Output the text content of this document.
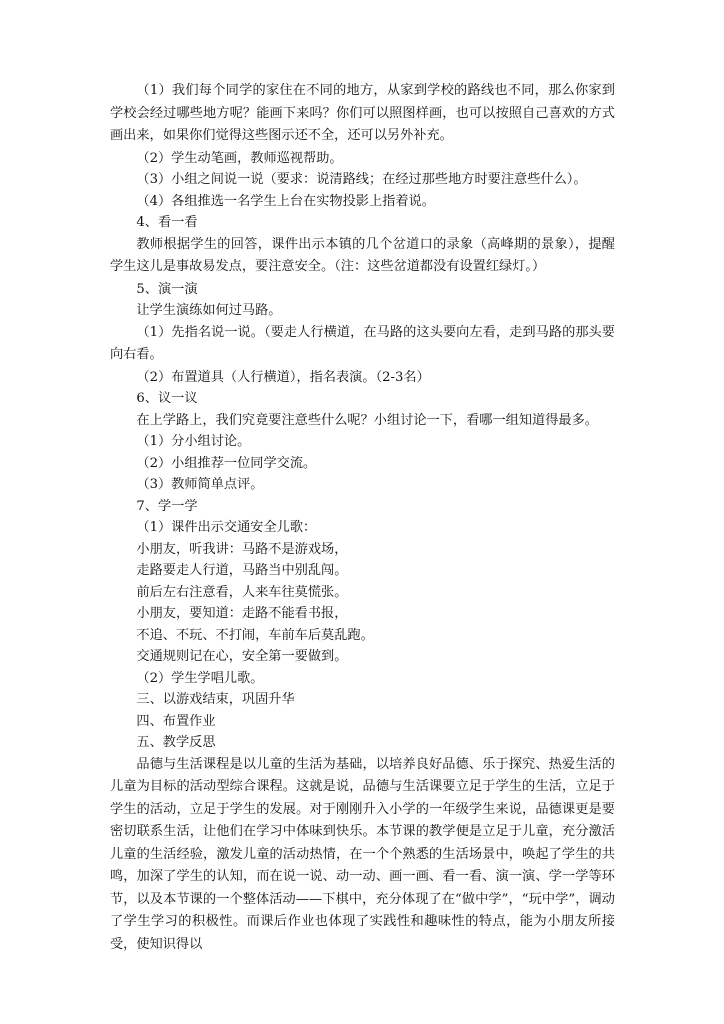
（1）我们每个同学的家住在不同的地方，从家到学校的路线也不同，那么你家到学校会经过哪些地方呢？能画下来吗？你们可以照图样画，也可以按照自己喜欢的方式画出来，如果你们觉得这些图示还不全，还可以另外补充。

（2）学生动笔画，教师巡视帮助。

（3）小组之间说一说（要求：说清路线；在经过那些地方时要注意些什么）。

（4）各组推选一名学生上台在实物投影上指着说。

4、看一看

教师根据学生的回答，课件出示本镇的几个岔道口的录象（高峰期的景象），提醒学生这儿是事故易发点，要注意安全。（注：这些岔道都没有设置红绿灯。）

5、演一演

让学生演练如何过马路。

（1）先指名说一说。（要走人行横道，在马路的这头要向左看，走到马路的那头要向右看。

（2）布置道具（人行横道），指名表演。（2-3名）

6、议一议

在上学路上，我们究竟要注意些什么呢？小组讨论一下，看哪一组知道得最多。

（1）分小组讨论。

（2）小组推荐一位同学交流。

（3）教师简单点评。

7、学一学

（1）课件出示交通安全儿歌：

小朋友，听我讲：马路不是游戏场，

走路要走人行道，马路当中别乱闯。

前后左右注意看，人来车往莫慌张。

小朋友，要知道：走路不能看书报，

不追、不玩、不打闹，车前车后莫乱跑。

交通规则记在心，安全第一要做到。

（2）学生学唱儿歌。

三、以游戏结束，巩固升华

四、布置作业

五、教学反思

品德与生活课程是以儿童的生活为基础，以培养良好品德、乐于探究、热爱生活的儿童为目标的活动型综合课程。这就是说，品德与生活课要立足于学生的生活，立足于学生的活动，立足于学生的发展。对于刚刚升入小学的一年级学生来说，品德课更是要密切联系生活，让他们在学习中体味到快乐。本节课的教学便是立足于儿童，充分激活儿童的生活经验，激发儿童的活动热情，在一个个熟悉的生活场景中，唤起了学生的共鸣，加深了学生的认知，而在说一说、动一动、画一画、看一看、演一演、学一学等环节，以及本节课的一个整体活动——下棋中，充分体现了在“做中学”，“玩中学”，调动了学生学习的积极性。而课后作业也体现了实践性和趣味性的特点，能为小朋友所接受，使知识得以
